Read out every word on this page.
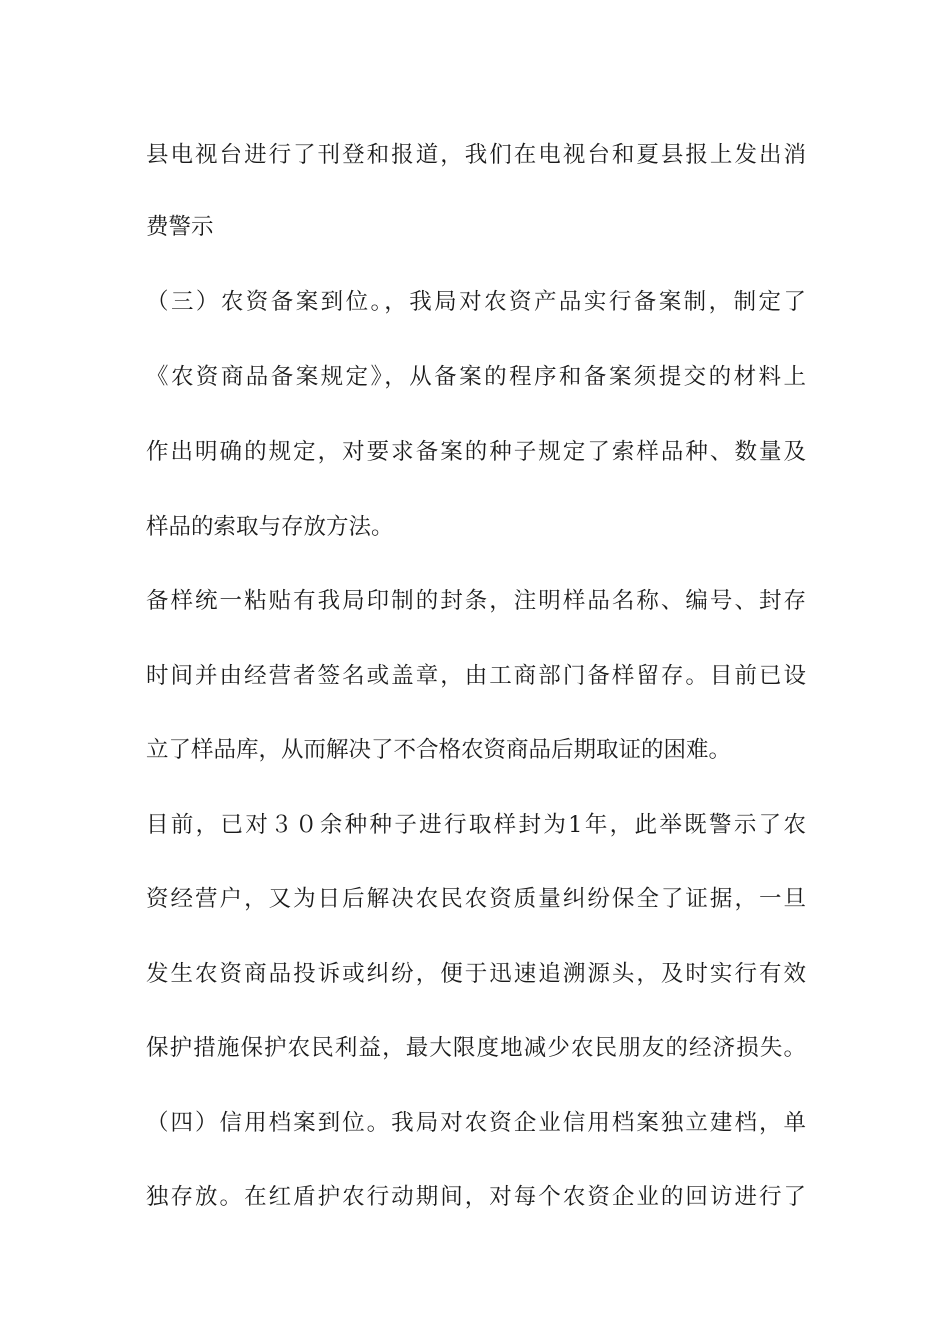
县电视台进行了刊登和报道，我们在电视台和夏县报上发出消
费警示
（三）农资备案到位。，我局对农资产品实行备案制，制定了
《农资商品备案规定》，从备案的程序和备案须提交的材料上
作出明确的规定，对要求备案的种子规定了索样品种、数量及
样品的索取与存放方法。
备样统一粘贴有我局印制的封条，注明样品名称、编号、封存
时间并由经营者签名或盖章，由工商部门备样留存。目前已设
立了样品库，从而解决了不合格农资商品后期取证的困难。
目前，已对３０余种种子进行取样封为1年，此举既警示了农
资经营户，又为日后解决农民农资质量纠纷保全了证据，一旦
发生农资商品投诉或纠纷，便于迅速追溯源头，及时实行有效
保护措施保护农民利益，最大限度地减少农民朋友的经济损失。
（四）信用档案到位。我局对农资企业信用档案独立建档，单
独存放。在红盾护农行动期间，对每个农资企业的回访进行了
